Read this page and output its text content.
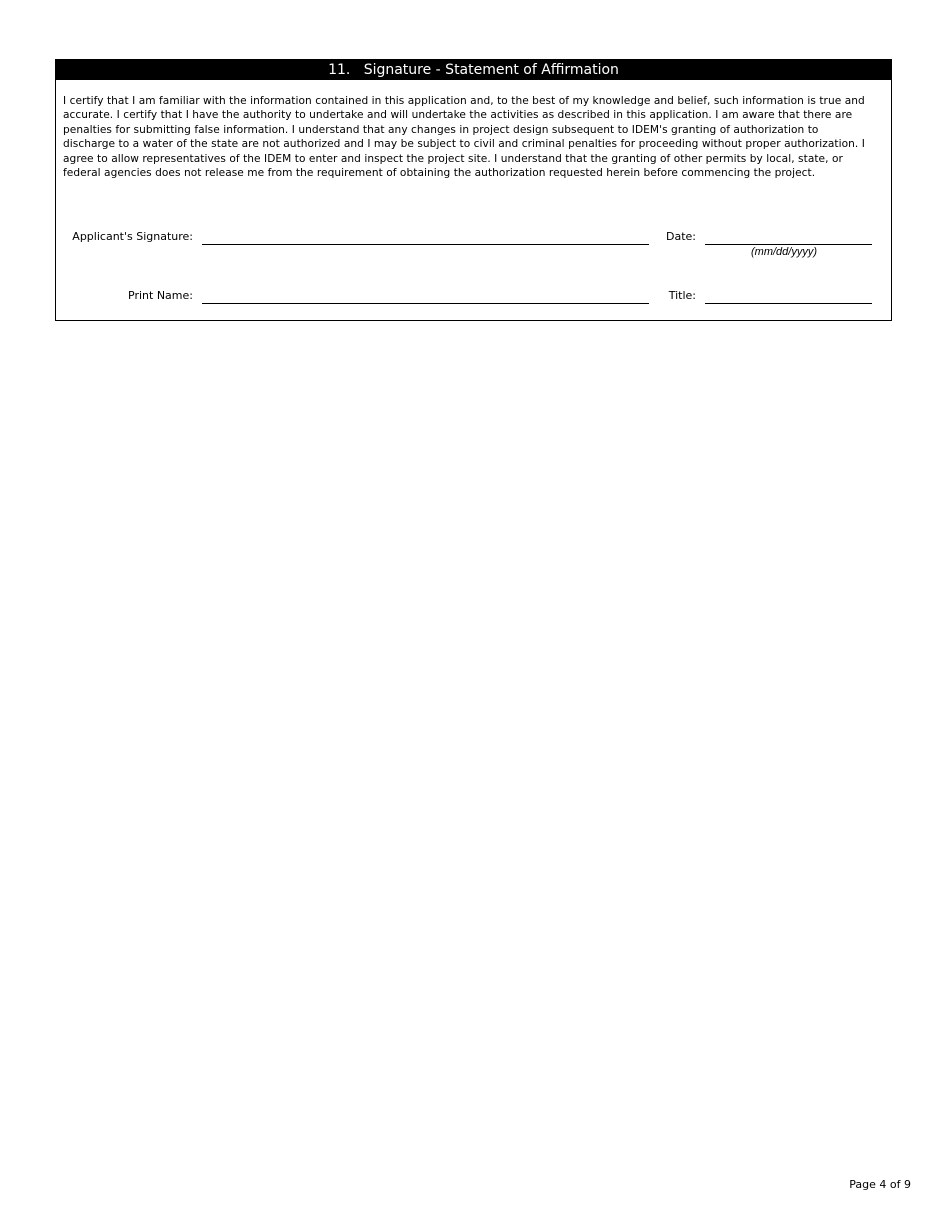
11.   Signature - Statement of Affirmation
I certify that I am familiar with the information contained in this application and, to the best of my knowledge and belief, such information is true and
accurate. I certify that I have the authority to undertake and will undertake the activities as described in this application. I am aware that there are
penalties for submitting false information. I understand that any changes in project design subsequent to IDEM's granting of authorization to
discharge to a water of the state are not authorized and I may be subject to civil and criminal penalties for proceeding without proper authorization. I
agree to allow representatives of the IDEM to enter and inspect the project site. I understand that the granting of other permits by local, state, or
federal agencies does not release me from the requirement of obtaining the authorization requested herein before commencing the project.
Applicant's Signature:	Date:
(mm/dd/yyyy)
Print Name:	Title:
Page 4 of 9
